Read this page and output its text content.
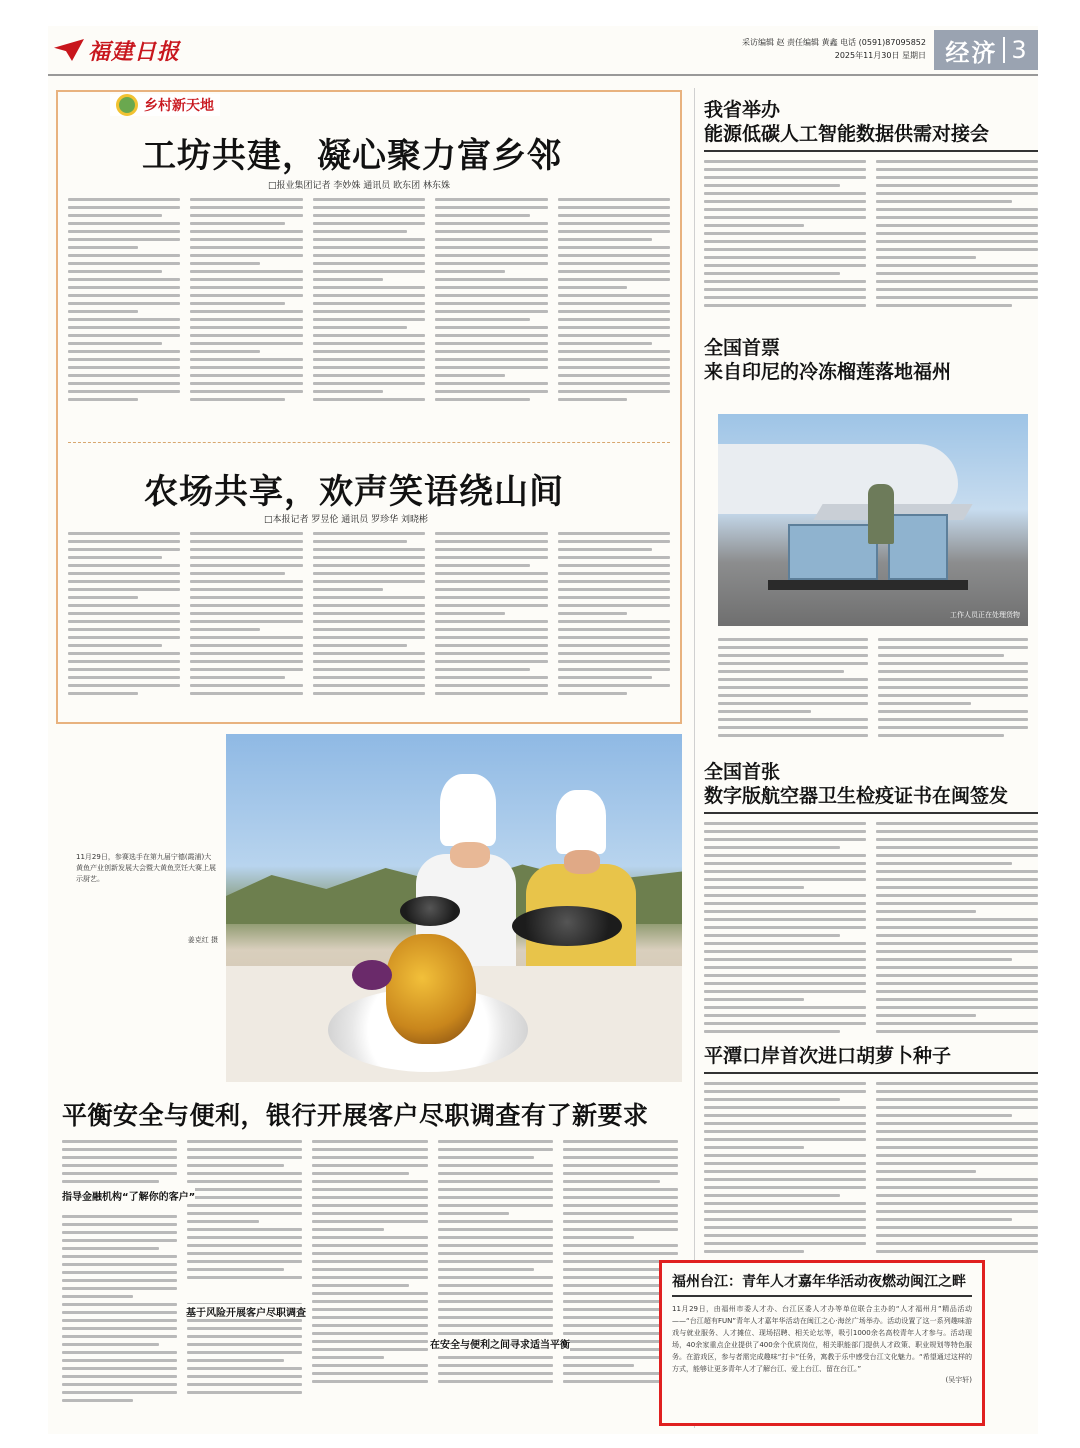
福建日报	采访编辑 赵 责任编辑 黄鑫 电话 (0591)87095852
2025年11月30日 星期日 经济 3
乡村新天地
工坊共建，凝心聚力富乡邻
□报业集团记者 李妙姝 通讯员 欧东团 林东姝
农场共享，欢声笑语绕山间
□本报记者 罗昱伦 通讯员 罗珍华 刘晓彬
11月29日，参赛选手在第九届宁德(霞浦)大黄鱼产业创新发展大会暨大黄鱼烹饪大赛上展示厨艺。
姜克红 摄
平衡安全与便利，银行开展客户尽职调查有了新要求
指导金融机构“了解你的客户”
基于风险开展客户尽职调查
在安全与便利之间寻求适当平衡
我省举办
能源低碳人工智能数据供需对接会
全国首票
来自印尼的冷冻榴莲落地福州
工作人员正在处理货物
全国首张
数字版航空器卫生检疫证书在闽签发
平潭口岸首次进口胡萝卜种子
福州台江：青年人才嘉年华活动夜燃动闽江之畔
11月29日，由福州市委人才办、台江区委人才办等单位联合主办的“人才福州月”精品活动——“台江超有FUN”青年人才嘉年华活动在闽江之心·海丝广场举办。活动设置了这一系列趣味游戏与就业服务、人才摊位、现场招聘、相关论坛等，吸引1000余名高校青年人才参与。活动现场，40余家重点企业提供了400余个优质岗位，相关职能部门提供人才政策、职业规划等特色服务。在游戏区，参与者需完成趣味“打卡”任务，寓教于乐中感受台江文化魅力。“希望通过这样的方式，能够让更多青年人才了解台江、爱上台江、留在台江。”
(吴宇轩)
